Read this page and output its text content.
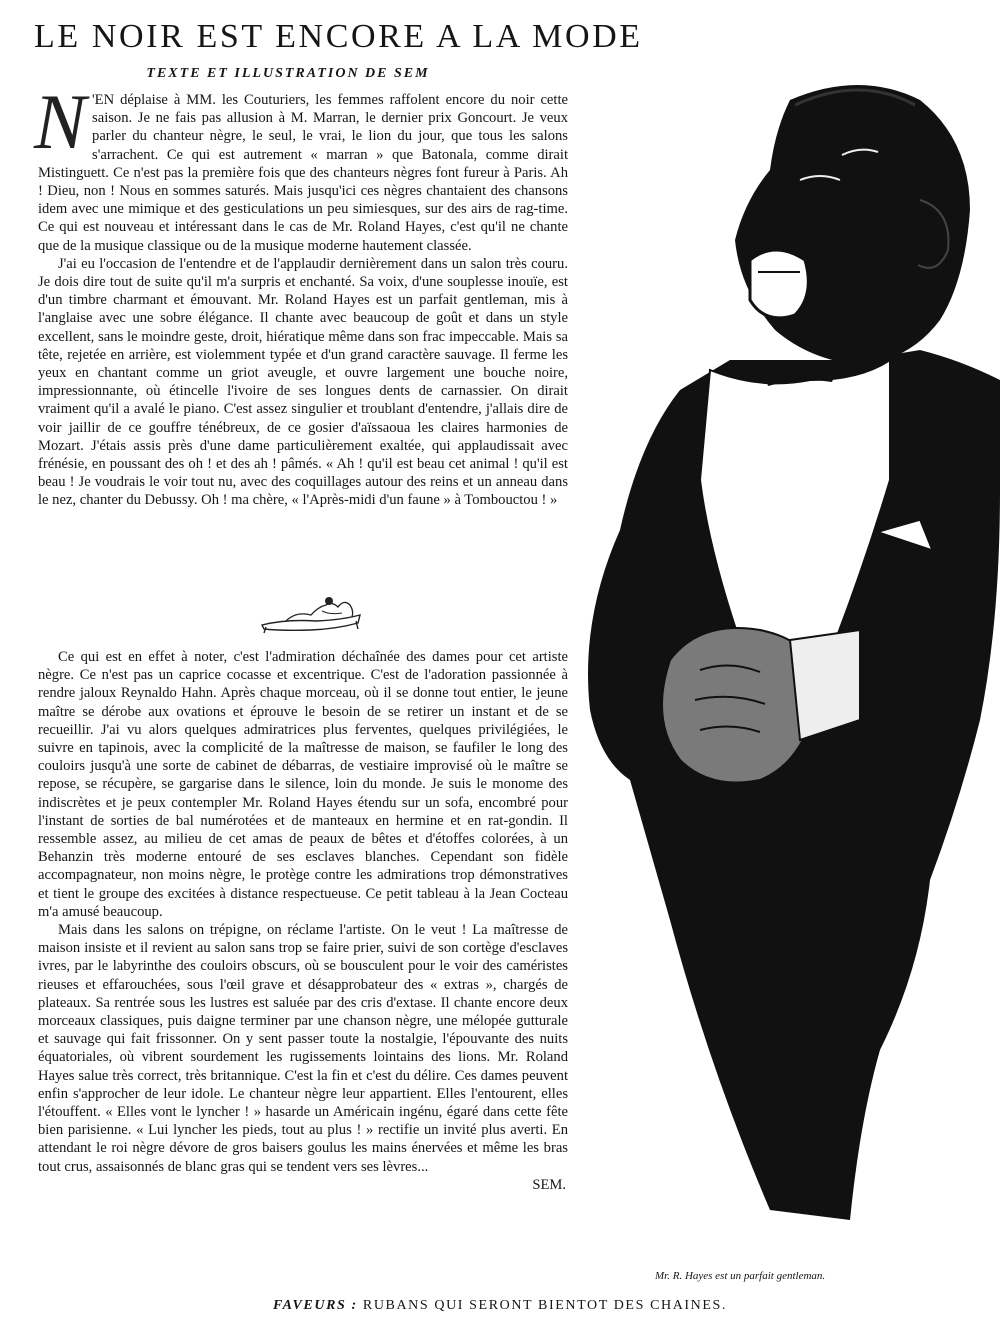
LE NOIR EST ENCORE A LA MODE
TEXTE ET ILLUSTRATION DE SEM

N 'EN déplaise à MM. les Couturiers, les femmes raffolent encore du noir cette saison. Je ne fais pas allusion à M. Marran, le dernier prix Goncourt. Je veux parler du chanteur nègre, le seul, le vrai, le lion du jour, que tous les salons s'arrachent. Ce qui est autrement « marran » que Batonala, comme dirait Mistinguett. Ce n'est pas la première fois que des chanteurs nègres font fureur à Paris. Ah ! Dieu, non ! Nous en sommes saturés. Mais jusqu'ici ces nègres chantaient des chansons idem avec une mimique et des gesticulations un peu simiesques, sur des airs de rag-time. Ce qui est nouveau et intéressant dans le cas de Mr. Roland Hayes, c'est qu'il ne chante que de la musique classique ou de la musique moderne hautement classée.

J'ai eu l'occasion de l'entendre et de l'applaudir dernièrement dans un salon très couru. Je dois dire tout de suite qu'il m'a surpris et enchanté. Sa voix, d'une souplesse inouïe, est d'un timbre charmant et émouvant. Mr. Roland Hayes est un parfait gentleman, mis à l'anglaise avec une sobre élégance. Il chante avec beaucoup de goût et dans un style excellent, sans le moindre geste, droit, hiératique même dans son frac impeccable. Mais sa tête, rejetée en arrière, est violemment typée et d'un grand caractère sauvage. Il ferme les yeux en chantant comme un griot aveugle, et ouvre largement une bouche noire, impressionnante, où étincelle l'ivoire de ses longues dents de carnassier. On dirait vraiment qu'il a avalé le piano. C'est assez singulier et troublant d'entendre, j'allais dire de voir jaillir de ce gouffre ténébreux, de ce gosier d'aïssaoua les claires harmonies de Mozart. J'étais assis près d'une dame particulièrement exaltée, qui applaudissait avec frénésie, en poussant des oh ! et des ah ! pâmés. « Ah ! qu'il est beau cet animal ! qu'il est beau ! Je voudrais le voir tout nu, avec des coquillages autour des reins et un anneau dans le nez, chanter du Debussy. Oh ! ma chère, « l'Après-midi d'un faune » à Tombouctou ! »

Ce qui est en effet à noter, c'est l'admiration déchaînée des dames pour cet artiste nègre. Ce n'est pas un caprice cocasse et excentrique. C'est de l'adoration passionnée à rendre jaloux Reynaldo Hahn. Après chaque morceau, où il se donne tout entier, le jeune maître se dérobe aux ovations et éprouve le besoin de se retirer un instant et de se recueillir. J'ai vu alors quelques admiratrices plus ferventes, quelques privilégiées, le suivre en tapinois, avec la complicité de la maîtresse de maison, se faufiler le long des couloirs jusqu'à une sorte de cabinet de débarras, de vestiaire improvisé où le maître se repose, se récupère, se gargarise dans le silence, loin du monde. Je suis le monome des indiscrètes et je peux contempler Mr. Roland Hayes étendu sur un sofa, encombré pour l'instant de sorties de bal numérotées et de manteaux en hermine et en rat-gondin. Il ressemble assez, au milieu de cet amas de peaux de bêtes et d'étoffes colorées, à un Behanzin très moderne entouré de ses esclaves blanches. Cependant son fidèle accompagnateur, non moins nègre, le protège contre les admirations trop démonstratives et tient le groupe des excitées à distance respectueuse. Ce petit tableau à la Jean Cocteau m'a amusé beaucoup.

Mais dans les salons on trépigne, on réclame l'artiste. On le veut ! La maîtresse de maison insiste et il revient au salon sans trop se faire prier, suivi de son cortège d'esclaves ivres, par le labyrinthe des couloirs obscurs, où se bousculent pour le voir des caméristes rieuses et effarouchées, sous l'œil grave et désapprobateur des « extras », chargés de plateaux. Sa rentrée sous les lustres est saluée par des cris d'extase. Il chante encore deux morceaux classiques, puis daigne terminer par une chanson nègre, une mélopée gutturale et sauvage qui fait frissonner. On y sent passer toute la nostalgie, l'épouvante des nuits équatoriales, où vibrent sourdement les rugissements lointains des lions. Mr. Roland Hayes salue très correct, très britannique. C'est la fin et c'est du délire. Ces dames peuvent enfin s'approcher de leur idole. Le chanteur nègre leur appartient. Elles l'entourent, elles l'étouffent. « Elles vont le lyncher ! » hasarde un Américain ingénu, égaré dans cette fête bien parisienne. « Lui lyncher les pieds, tout au plus ! » rectifie un invité plus averti. En attendant le roi nègre dévore de gros baisers goulus les mains énervées et même les bras tout crus, assaisonnés de blanc gras qui se tendent vers ses lèvres...

SEM.
Mr. R. Hayes est un parfait gentleman.
FAVEURS : RUBANS QUI SERONT BIENTOT DES CHAINES.
